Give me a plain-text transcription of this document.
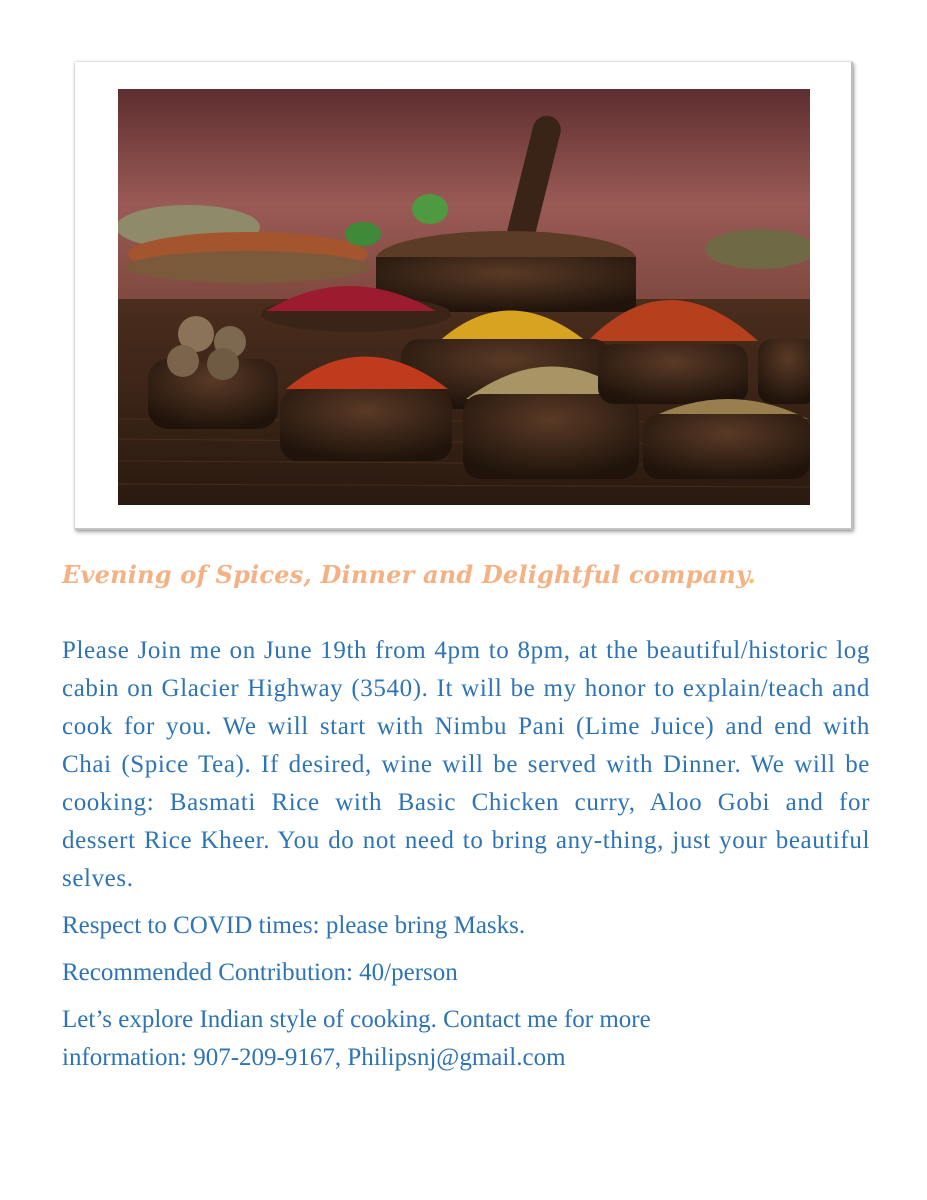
Evening of Spices, Dinner and Delightful company.

Please Join me on June 19th from 4pm to 8pm, at the beautiful/historic log cabin on Glacier Highway (3540). It will be my honor to explain/teach and cook for you. We will start with Nimbu Pani (Lime Juice) and end with Chai (Spice Tea). If desired, wine will be served with Dinner. We will be cooking: Basmati Rice with Basic Chicken curry, Aloo Gobi and for dessert Rice Kheer. You do not need to bring any-thing, just your beautiful selves.

Respect to COVID times: please bring Masks.

Recommended Contribution: 40/person

Let’s explore Indian style of cooking. Contact me for more

information: 907-209-9167, Philipsnj@gmail.com
